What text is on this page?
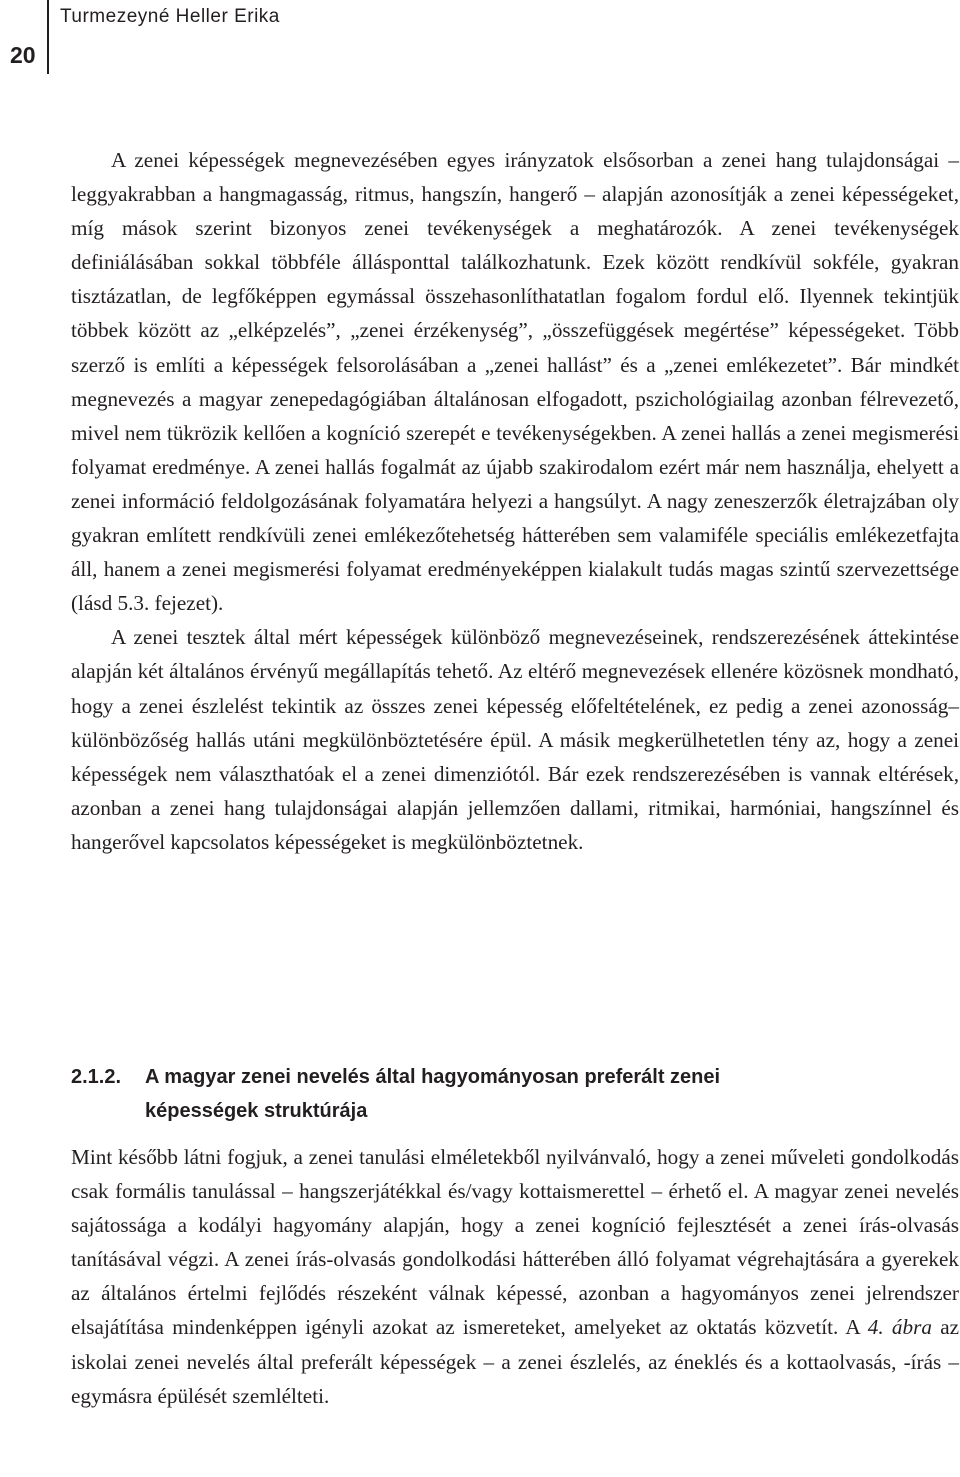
Turmezeyné Heller Erika
20

A zenei képességek megnevezésében egyes irányzatok elsősorban a zenei hang tulajdonságai – leggyakrabban a hangmagasság, ritmus, hangszín, hangerő – alapján azonosítják a zenei képességeket, míg mások szerint bizonyos zenei tevékenységek a meghatározók. A zenei tevékenységek definiálásában sokkal többféle állásponttal találkozhatunk. Ezek között rendkívül sokféle, gyakran tisztázatlan, de legfőképpen egymással összehasonlíthatatlan fogalom fordul elő. Ilyennek tekintjük többek között az „elképzelés”, „zenei érzékenység”, „összefüggések megértése” képességeket. Több szerző is említi a képességek felsorolásában a „zenei hallást” és a „zenei emlékezetet”. Bár mindkét megnevezés a magyar zenepedagógiában általánosan elfogadott, pszichológiailag azonban félrevezető, mivel nem tükrözik kellően a kogníció szerepét e tevékenységekben. A zenei hallás a zenei megismerési folyamat eredménye. A zenei hallás fogalmát az újabb szakirodalom ezért már nem használja, ehelyett a zenei információ feldolgozásának folyamatára helyezi a hangsúlyt. A nagy zeneszerzők életrajzában oly gyakran említett rendkívüli zenei emlékezőtehetség hátterében sem valamiféle speciális emlékezetfajta áll, hanem a zenei megismerési folyamat eredményeképpen kialakult tudás magas szintű szervezettsége (lásd 5.3. fejezet).

A zenei tesztek által mért képességek különböző megnevezéseinek, rendszerezésének áttekintése alapján két általános érvényű megállapítás tehető. Az eltérő megnevezések ellenére közösnek mondható, hogy a zenei észlelést tekintik az összes zenei képesség előfeltételének, ez pedig a zenei azonosság–különbözőség hallás utáni megkülönböztetésére épül. A másik megkerülhetetlen tény az, hogy a zenei képességek nem választhatóak el a zenei dimenziótól. Bár ezek rendszerezésében is vannak eltérések, azonban a zenei hang tulajdonságai alapján jellemzően dallami, ritmikai, harmóniai, hangszínnel és hangerővel kapcsolatos képességeket is megkülönböztetnek.

2.1.2. A magyar zenei nevelés által hagyományosan preferált zenei
képességek struktúrája

Mint később látni fogjuk, a zenei tanulási elméletekből nyilvánvaló, hogy a zenei műveleti gondolkodás csak formális tanulással – hangszerjátékkal és/vagy kottaismerettel – érhető el. A magyar zenei nevelés sajátossága a kodályi hagyomány alapján, hogy a zenei kogníció fejlesztését a zenei írás-olvasás tanításával végzi. A zenei írás-olvasás gondolkodási hátterében álló folyamat végrehajtására a gyerekek az általános értelmi fejlődés részeként válnak képessé, azonban a hagyományos zenei jelrendszer elsajátítása mindenképpen igényli azokat az ismereteket, amelyeket az oktatás közvetít. A 4. ábra az iskolai zenei nevelés által preferált képességek – a zenei észlelés, az éneklés és a kottaolvasás, -írás – egymásra épülését szemlélteti.
